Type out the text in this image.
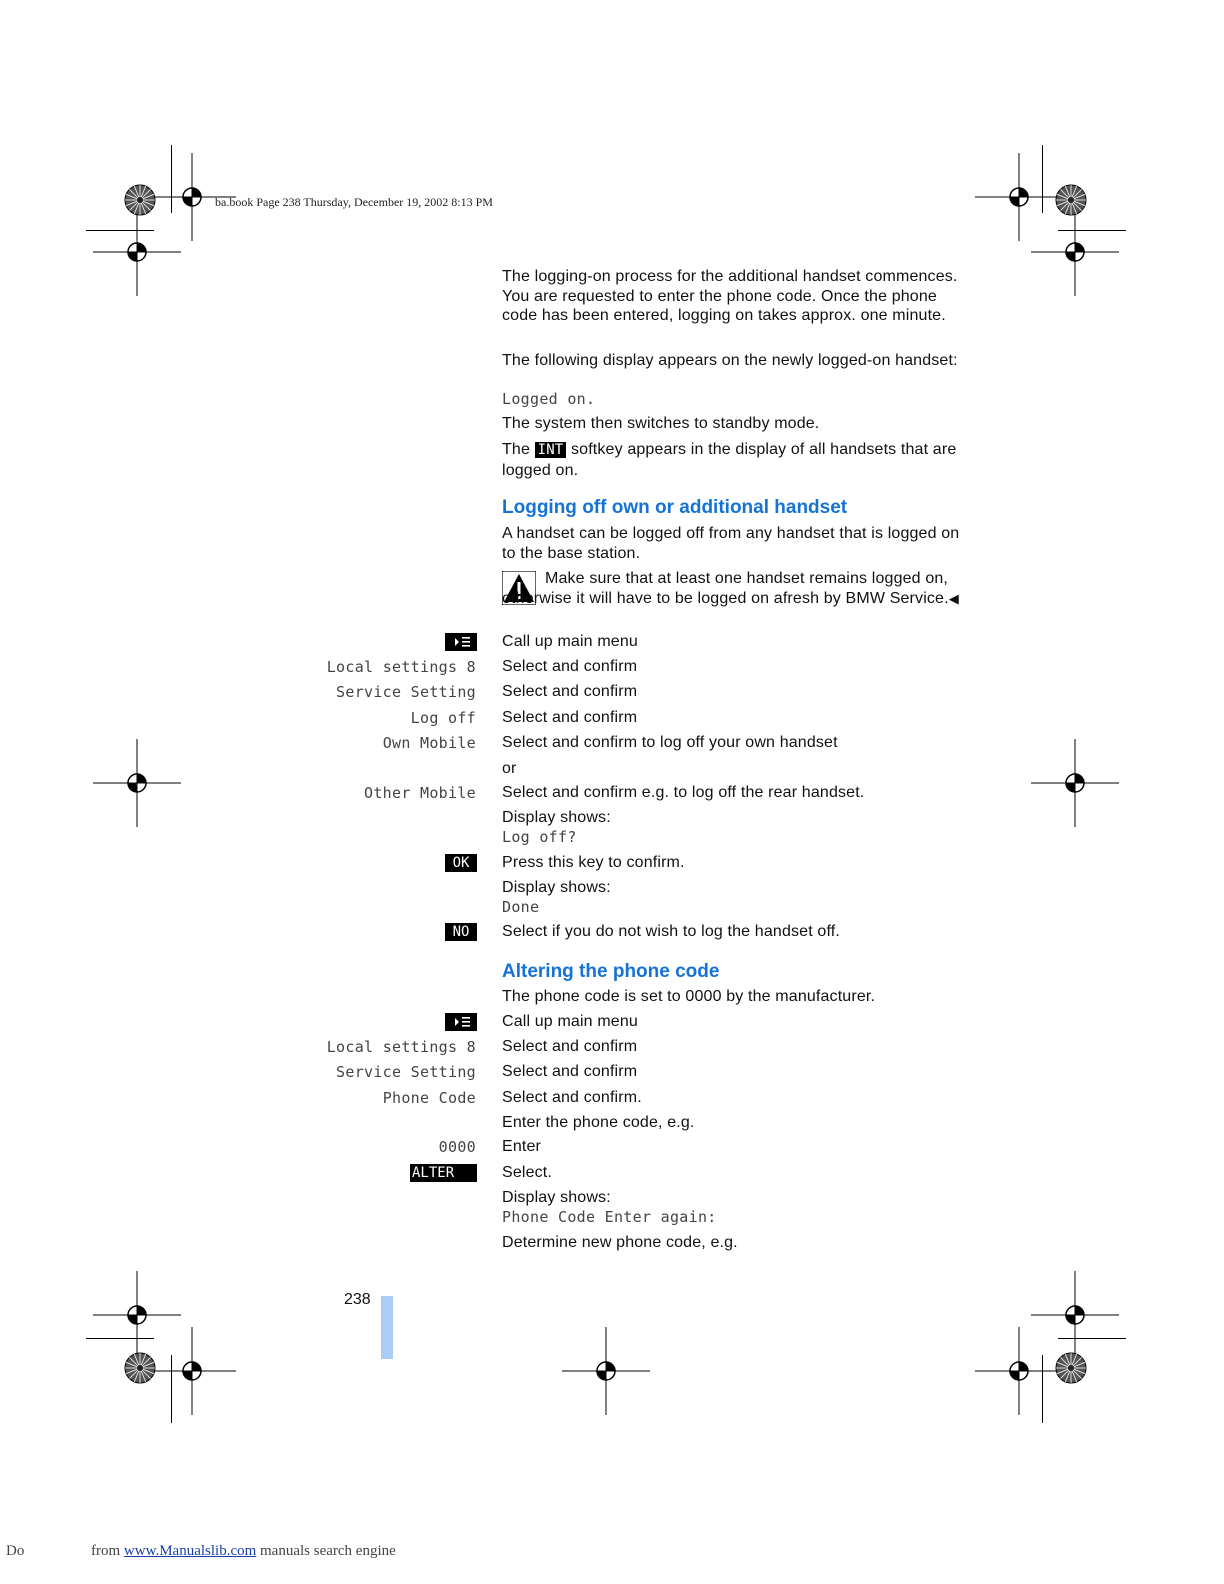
ba.book Page 238 Thursday, December 19, 2002 8:13 PM
The logging-on process for the additional handset commences. You are requested to enter the phone code. Once the phone code has been entered, logging on takes approx. one minute.
The following display appears on the newly logged-on handset:
Logged on.
The system then switches to standby mode.
The INT softkey appears in the display of all handsets that are logged on.
Logging off own or additional handset
A handset can be logged off from any handset that is logged on to the base station.
Make sure that at least one handset remains logged on, otherwise it will have to be logged on afresh by BMW Service.◀
Call up main menu
Local settings 8 Select and confirm
Service Setting Select and confirm
Log off Select and confirm
Own Mobile Select and confirm to log off your own handset
or
Other Mobile Select and confirm e.g. to log off the rear handset.
Display shows:
Log off?
OK	Press this key to confirm.
Display shows:
Done
NO	Select if you do not wish to log the handset off.
Altering the phone code
The phone code is set to 0000 by the manufacturer.
Call up main menu
Local settings 8 Select and confirm
Service Setting Select and confirm
Phone Code Select and confirm.
Enter the phone code, e.g.
0000 Enter
ALTER	Select.
Display shows:
Phone Code Enter again:
Determine new phone code, e.g.
238
Do	from www.Manualslib.com manuals search engine
